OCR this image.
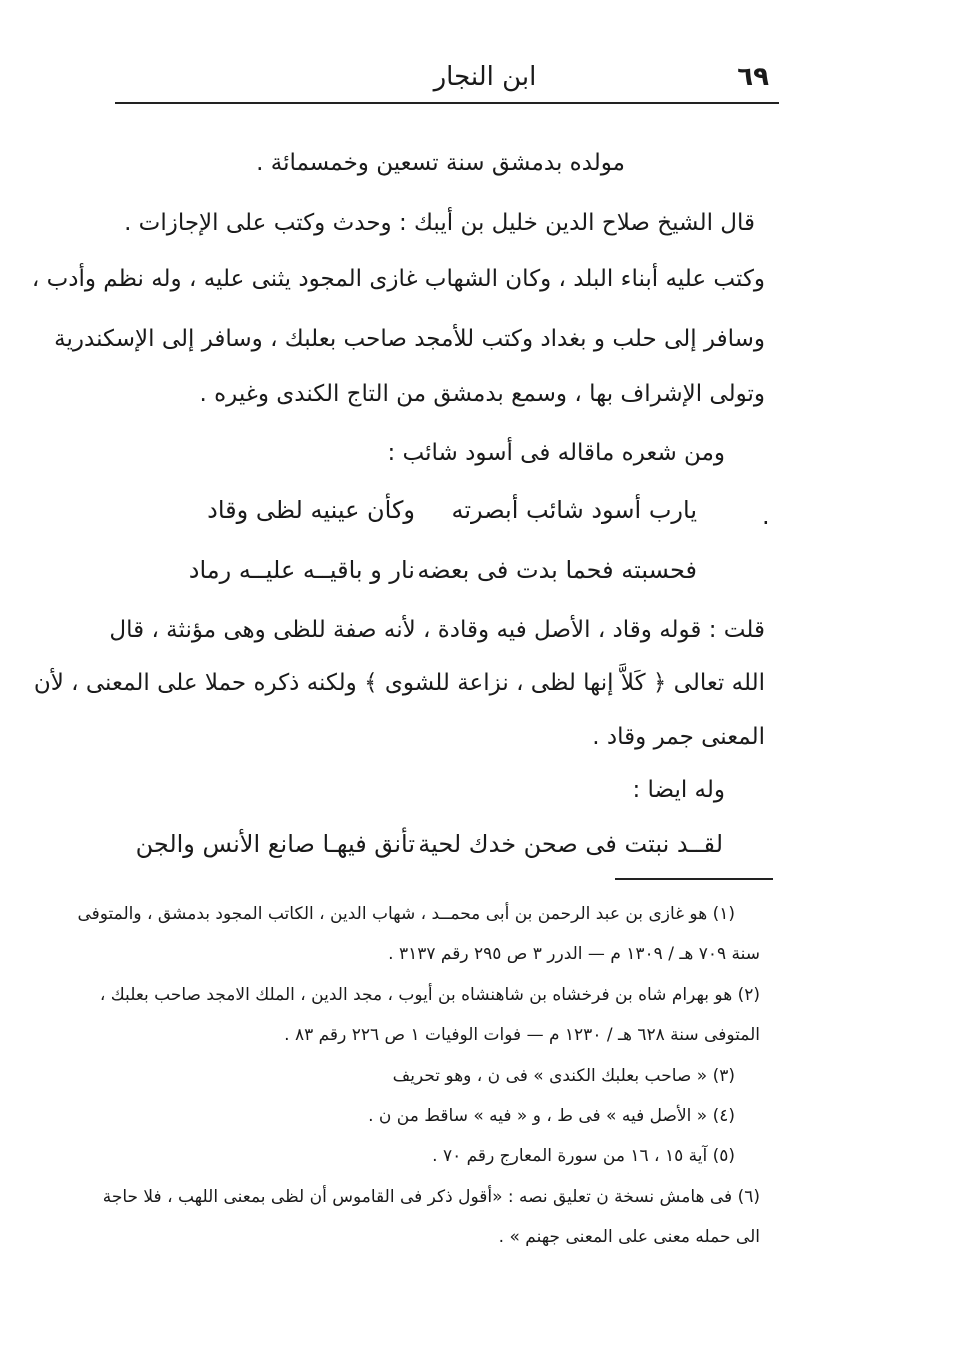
٦٩
ابن النجار
مولده بدمشق سنة تسعين وخمسمائة .
قال الشيخ صلاح الدين خليل بن أيبك : وحدث وكتب على الإجازات .
وكتب عليه أبناء البلد ، وكان الشهاب غازى المجود يثنى عليه ، وله نظم وأدب ،
وسافر إلى حلب و بغداد وكتب للأمجد صاحب بعلبك ، وسافر إلى الإسكندرية
وتولى الإشراف بها ، وسمع بدمشق من التاج الكندى وغيره .
ومن شعره ماقاله فى أسود شائب :
.
يارب أسود شائب أبصرته
وكأن عينيه لظى وقاد
فحسبته فحما بدت فى بعضه
نار و باقيــه عليــه رماد
قلت : قوله وقاد ، الأصل فيه وقادة ، لأنه صفة للظى وهى مؤنثة ، قال
الله تعالى ﴿ كَلاَّ إنها لظى ، نزاعة للشوى ﴾ ولكنه ذكره حملا على المعنى ، لأن
المعنى جمر وقاد .
وله ايضا :
لقــد نبتت فى صحن خدك لحية
تأنق فيهـا صانع الأنس والجن
(١) هو غازى بن عبد الرحمن بن أبى محمــد ، شهاب الدين ، الكاتب المجود بدمشق ، والمتوفى
سنة ٧٠٩ هـ / ١٣٠٩ م — الدرر ٣ ص ٢٩٥ رقم ٣١٣٧ .
(٢) هو بهرام شاه بن فرخشاه بن شاهنشاه بن أيوب ، مجد الدين ، الملك الامجد صاحب بعلبك ،
المتوفى سنة ٦٢٨ هـ / ١٢٣٠ م — فوات الوفيات ١ ص ٢٢٦ رقم ٨٣ .
(٣) « صاحب بعلبك الكندى » فى ن ، وهو تحريف
(٤) « الأصل فيه » فى ط ، و « فيه » ساقط من ن .
(٥) آية ١٥ ، ١٦ من سورة المعارج رقم ٧٠ .
(٦) فى هامش نسخة ن تعليق نصه : «أقول ذكر فى القاموس أن لظى بمعنى اللهب ، فلا حاجة
الى حمله معنى على المعنى جهنم » .
